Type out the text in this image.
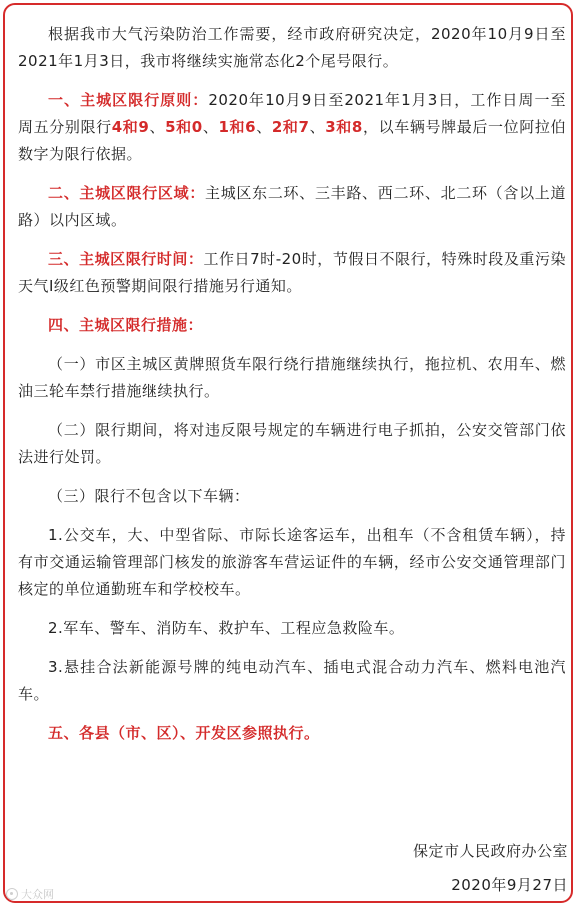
根据我市大气污染防治工作需要，经市政府研究决定，2020年10月9日至2021年1月3日，我市将继续实施常态化2个尾号限行。

一、主城区限行原则：2020年10月9日至2021年1月3日，工作日周一至周五分别限行4和9、5和0、1和6、2和7、3和8，以车辆号牌最后一位阿拉伯数字为限行依据。

二、主城区限行区域：主城区东二环、三丰路、西二环、北二环（含以上道路）以内区域。

三、主城区限行时间：工作日7时-20时，节假日不限行，特殊时段及重污染天气I级红色预警期间限行措施另行通知。

四、主城区限行措施：

（一）市区主城区黄牌照货车限行绕行措施继续执行，拖拉机、农用车、燃油三轮车禁行措施继续执行。

（二）限行期间，将对违反限号规定的车辆进行电子抓拍，公安交管部门依法进行处罚。

（三）限行不包含以下车辆：

1.公交车，大、中型省际、市际长途客运车，出租车（不含租赁车辆），持有市交通运输管理部门核发的旅游客车营运证件的车辆，经市公安交通管理部门核定的单位通勤班车和学校校车。

2.军车、警车、消防车、救护车、工程应急救险车。

3.悬挂合法新能源号牌的纯电动汽车、插电式混合动力汽车、燃料电池汽车。

五、各县（市、区）、开发区参照执行。

保定市人民政府办公室
2020年9月27日
大众网
